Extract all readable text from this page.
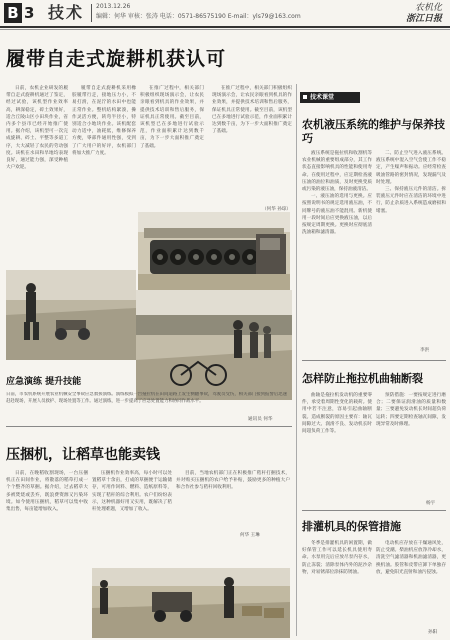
B 3 技术 2013.12.26
编辑：何华 审核：张涛 电话：0571-86575190 E-mail：yls79@163.com
农机化
浙江日报
履带自走式旋耕机获认可

日前，农机企业研发的履带自走式旋耕机通过了鉴定，经过试验，该机型作业效率高，耕深稳定，碎土效果好，适合丘陵山区小田块作业，省内多个县市已经开始推广使用。据介绍，该机型可一次完成旋耕、碎土、平整等多道工序，大大减轻了农民的劳动强度。该机在水田和旱地均表现良好，通过能力强，深受种植大户欢迎。

履带自走式旋耕机采用橡胶履带行走，接地压力小，不易打滑，在泥泞的水田中也能正常作业。整机结构紧凑，操作灵活方便，转弯半径小，特别适合小地块作业。该机配套动力适中，油耗低，维修保养方便，零部件通用性强，受到了广大用户的好评，农机部门将加大推广力度。

在推广过程中，相关部门积极组织现场演示会，让农民亲眼看到机具的作业效果，并提供技术培训和售后服务，保证机具正常使用。截至目前，该机型已在多地进行试验示范，作业面积累计达到数千亩，为下一步大面积推广奠定了基础。

在推广过程中，相关部门积极组织现场演示会，让农民亲眼看到机具的作业效果，并提供技术培训和售后服务，保证机具正常使用。截至目前，该机型已在多地进行试验示范，作业面积累计达到数千亩，为下一步大面积推广奠定了基础。

（何华 孙琼）
应急演练 提升技能
日前，市农机系统开展农业机械安全事故应急救援演练。演练模拟一台拖拉机在田间道路上发生侧翻事故，驾驶员受伤，相关部门接到报警后迅速赶赴现场，开展人员救护、现场处置等工作。通过演练，进一步提高了应急处置能力和协同作战水平。
通讯员 何华
压捆机，让稻草也能卖钱

日前，在晚稻收割现场，一台压捆机正在田间作业，将散落的稻草打成一个个整齐的草捆。据介绍，过去稻草大多被焚烧或丢弃，既浪费资源又污染环境。如今使用压捆机，稻草可以集中收集出售，每亩能增加收入。

压捆机作业效率高，每小时可以处置稻草十余亩，打成的草捆便于运输储存，可用作饲料、燃料、造纸原料等，实现了秸秆的综合利用。农户们纷纷表示，这种机器好用又实用，既解决了秸秆处理难题，又增加了收入。

目前，当地农机部门正在积极推广秸秆打捆技术，并对购买压捆机的农户给予补贴，鼓励更多的种植大户和合作社参与秸秆回收利用。

何华 王琳
技术课堂
农机液压系统的维护与保养技巧

液压系统是拖拉机和收割机等农业机械的重要组成部分，其工作状态直接影响机具的性能和使用寿命。在使用过程中，应定期检查液压油的油位和油质，及时更换变质或污染的液压油，保持油液清洁。

一、液压油的选用与更换。应按照说明书的规定选用液压油，不同牌号的液压油不能混用。新机使用一段时间后应更换液压油，以后按规定周期更换。更换时应彻底清洗油箱和滤清器。

二、防止空气进入液压系统。液压系统中混入空气会使工作不稳定，产生噪声和振动。应经常检查吸油管路的密封情况，发现漏气及时处理。

三、保持液压元件的清洁。拆装液压元件时应在清洁的环境中进行，防止杂质进入系统造成磨损和堵塞。

李洪
怎样防止拖拉机曲轴断裂

曲轴是拖拉机发动机的重要零件，承受着周期性变化的载荷。使用中若不注意，容易引起曲轴断裂。造成断裂的原因主要有：轴瓦间隙过大、润滑不良、发动机长时间超负荷工作等。

预防措施：一要按规定进行磨合；二要保证润滑油的质量和数量；三要避免发动机长时间超负荷运转；四要定期检查轴瓦间隙，发现异常及时修理。

杨宇
排灌机具的保管措施

冬季是排灌机具的闲置期，做好保管工作可以延长机具使用寿命。水泵用完后应放尽泵内存水，防止冻裂；清除泵体内外的泥沙杂物，对易锈部位涂抹防锈油。

电动机应存放在干燥通风处，防止受潮。柴油机应放净冷却水，清洗空气滤清器和机油滤清器，更换机油。胶管和皮带应卸下单独存放，避免阳光直射和油污侵蚀。

孙阳
